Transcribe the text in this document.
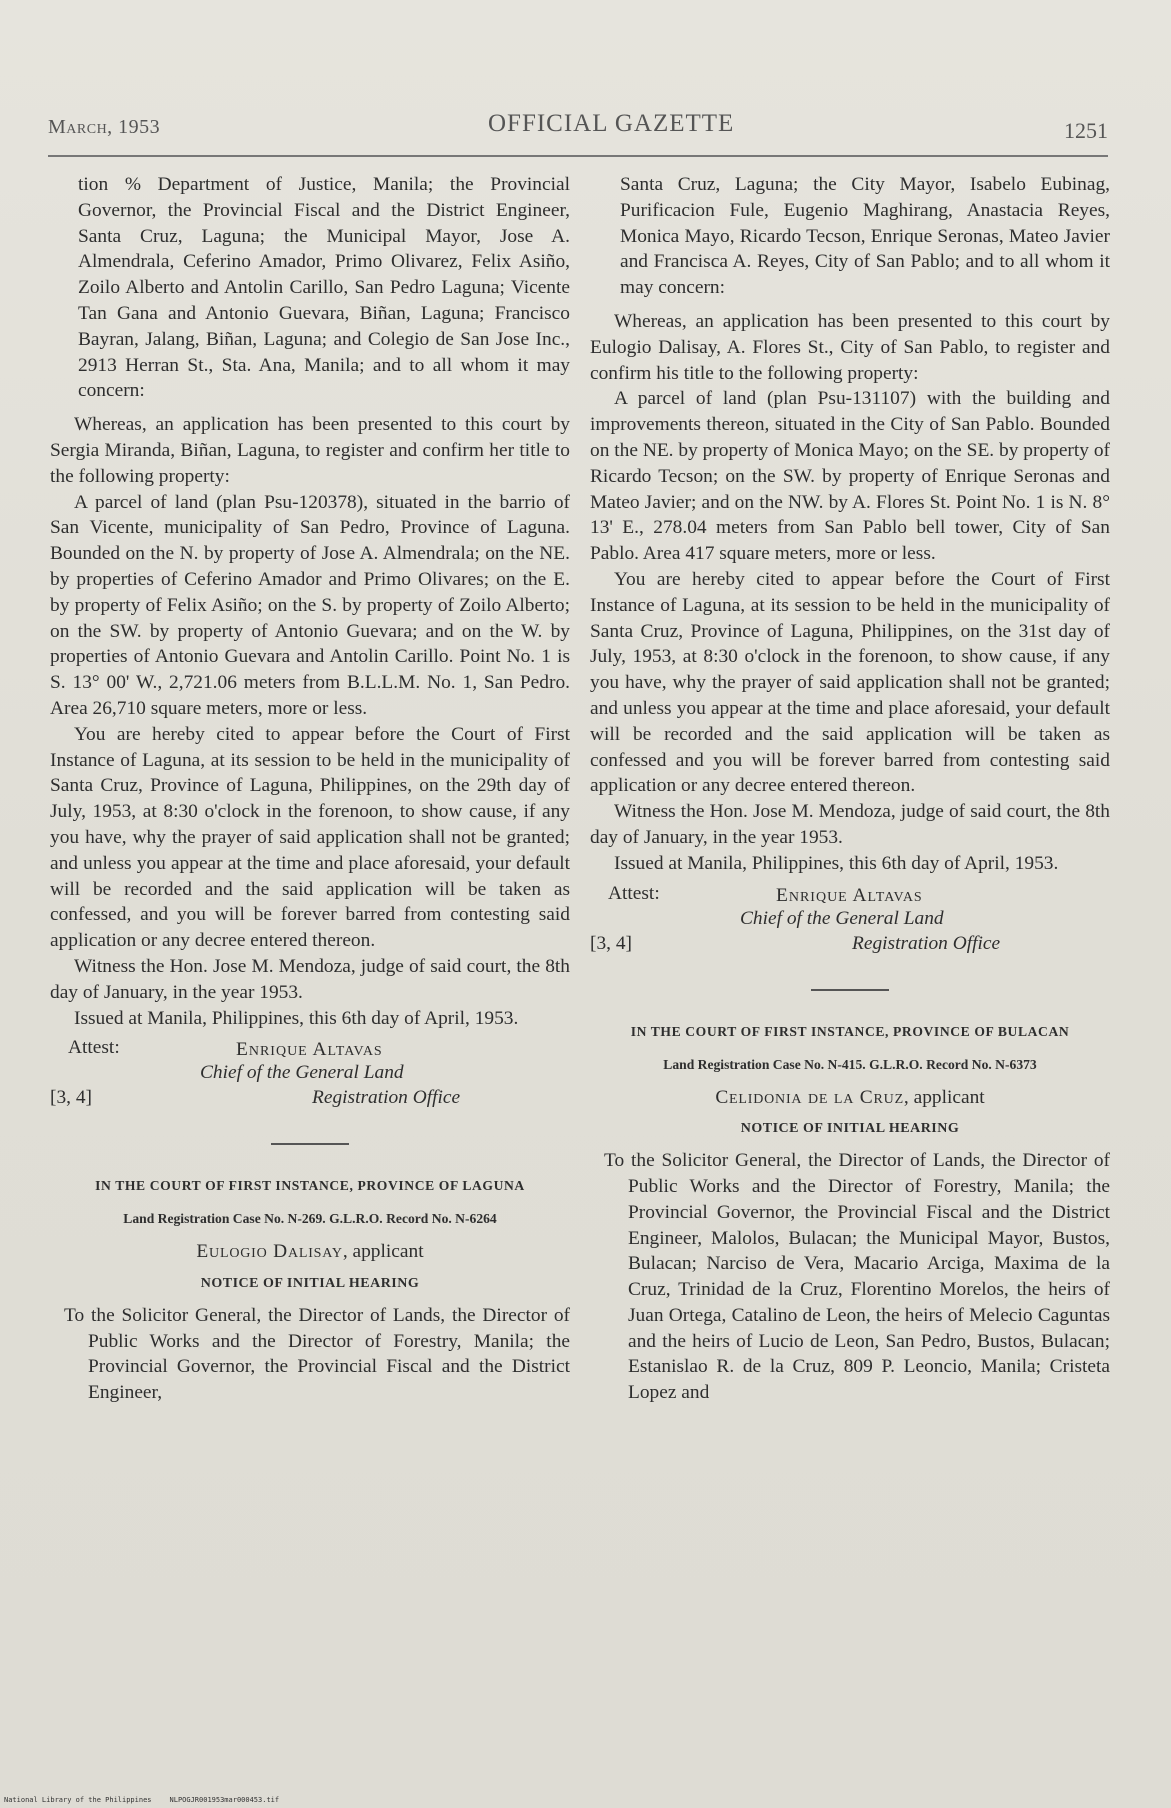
March, 1953	OFFICIAL GAZETTE	1251

tion % Department of Justice, Manila; the Provincial Governor, the Provincial Fiscal and the District Engineer, Santa Cruz, Laguna; the Municipal Mayor, Jose A. Almendrala, Ceferino Amador, Primo Olivarez, Felix Asiño, Zoilo Alberto and Antolin Carillo, San Pedro Laguna; Vicente Tan Gana and Antonio Guevara, Biñan, Laguna; Francisco Bayran, Jalang, Biñan, Laguna; and Colegio de San Jose Inc., 2913 Herran St., Sta. Ana, Manila; and to all whom it may concern:

Whereas, an application has been presented to this court by Sergia Miranda, Biñan, Laguna, to register and confirm her title to the following property:

A parcel of land (plan Psu-120378), situated in the barrio of San Vicente, municipality of San Pedro, Province of Laguna. Bounded on the N. by property of Jose A. Almendrala; on the NE. by properties of Ceferino Amador and Primo Olivares; on the E. by property of Felix Asiño; on the S. by property of Zoilo Alberto; on the SW. by property of Antonio Guevara; and on the W. by properties of Antonio Guevara and Antolin Carillo. Point No. 1 is S. 13° 00' W., 2,721.06 meters from B.L.L.M. No. 1, San Pedro. Area 26,710 square meters, more or less.

You are hereby cited to appear before the Court of First Instance of Laguna, at its session to be held in the municipality of Santa Cruz, Province of Laguna, Philippines, on the 29th day of July, 1953, at 8:30 o'clock in the forenoon, to show cause, if any you have, why the prayer of said application shall not be granted; and unless you appear at the time and place aforesaid, your default will be recorded and the said application will be taken as confessed, and you will be forever barred from contesting said application or any decree entered thereon.

Witness the Hon. Jose M. Mendoza, judge of said court, the 8th day of January, in the year 1953.

Issued at Manila, Philippines, this 6th day of April, 1953.

Attest:	Enrique Altavas
Chief of the General Land
[3, 4]	Registration Office
IN THE COURT OF FIRST INSTANCE, PROVINCE OF LAGUNA
Land Registration Case No. N-269. G.L.R.O. Record No. N-6264
Eulogio Dalisay, applicant
NOTICE OF INITIAL HEARING

To the Solicitor General, the Director of Lands, the Director of Public Works and the Director of Forestry, Manila; the Provincial Governor, the Provincial Fiscal and the District Engineer,

Santa Cruz, Laguna; the City Mayor, Isabelo Eubinag, Purificacion Fule, Eugenio Maghirang, Anastacia Reyes, Monica Mayo, Ricardo Tecson, Enrique Seronas, Mateo Javier and Francisca A. Reyes, City of San Pablo; and to all whom it may concern:

Whereas, an application has been presented to this court by Eulogio Dalisay, A. Flores St., City of San Pablo, to register and confirm his title to the following property:

A parcel of land (plan Psu-131107) with the building and improvements thereon, situated in the City of San Pablo. Bounded on the NE. by property of Monica Mayo; on the SE. by property of Ricardo Tecson; on the SW. by property of Enrique Seronas and Mateo Javier; and on the NW. by A. Flores St. Point No. 1 is N. 8° 13' E., 278.04 meters from San Pablo bell tower, City of San Pablo. Area 417 square meters, more or less.

You are hereby cited to appear before the Court of First Instance of Laguna, at its session to be held in the municipality of Santa Cruz, Province of Laguna, Philippines, on the 31st day of July, 1953, at 8:30 o'clock in the forenoon, to show cause, if any you have, why the prayer of said application shall not be granted; and unless you appear at the time and place aforesaid, your default will be recorded and the said application will be taken as confessed and you will be forever barred from contesting said application or any decree entered thereon.

Witness the Hon. Jose M. Mendoza, judge of said court, the 8th day of January, in the year 1953.

Issued at Manila, Philippines, this 6th day of April, 1953.

Attest:	Enrique Altavas
Chief of the General Land
[3, 4]	Registration Office
IN THE COURT OF FIRST INSTANCE, PROVINCE OF BULACAN
Land Registration Case No. N-415. G.L.R.O. Record No. N-6373
Celidonia de la Cruz, applicant
NOTICE OF INITIAL HEARING

To the Solicitor General, the Director of Lands, the Director of Public Works and the Director of Forestry, Manila; the Provincial Governor, the Provincial Fiscal and the District Engineer, Malolos, Bulacan; the Municipal Mayor, Bustos, Bulacan; Narciso de Vera, Macario Arciga, Maxima de la Cruz, Trinidad de la Cruz, Florentino Morelos, the heirs of Juan Ortega, Catalino de Leon, the heirs of Melecio Caguntas and the heirs of Lucio de Leon, San Pedro, Bustos, Bulacan; Estanislao R. de la Cruz, 809 P. Leoncio, Manila; Cristeta Lopez and

National Library of the Philippines	NLPOGJR001953mar000453.tif
